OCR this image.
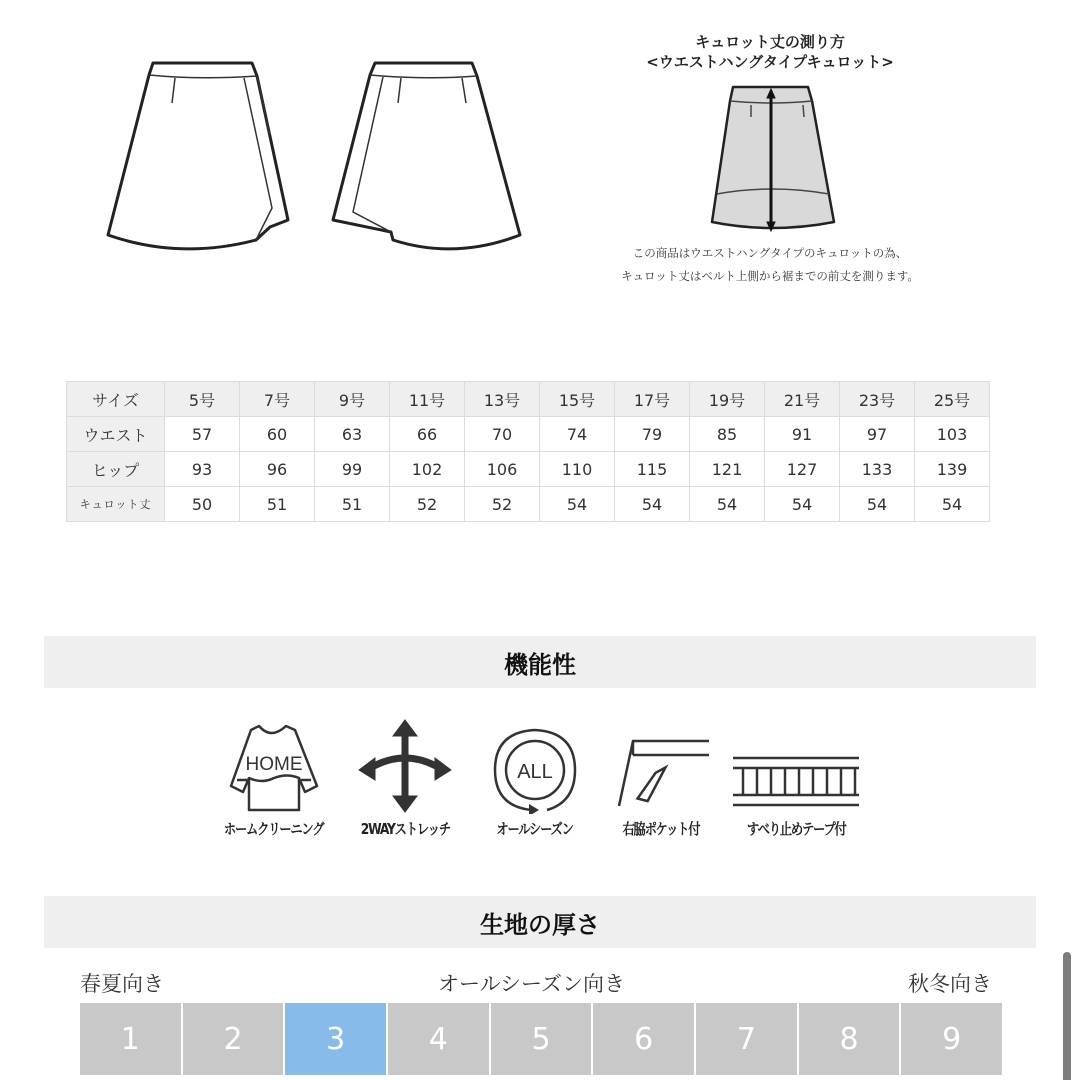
キュロット丈の測り方
<ウエストハングタイプキュロット>
この商品はウエストハングタイプのキュロットの為、
キュロット丈はベルト上側から裾までの前丈を測ります。
サイズ	5号	7号	9号	11号	13号	15号	17号	19号	21号	23号	25号
ウエスト	57	60	63	66	70	74	79	85	91	97	103
ヒップ	93	96	99	102	106	110	115	121	127	133	139
キュロット丈	50	51	51	52	52	54	54	54	54	54	54
機能性
HOME
ホームクリーニング 2WAYストレッチ
ALL
オールシーズン	右脇ポケット付	すべり止めテープ付
生地の厚さ
春夏向き	オールシーズン向き	秋冬向き
1	2	3	4	5	6	7	8	9
